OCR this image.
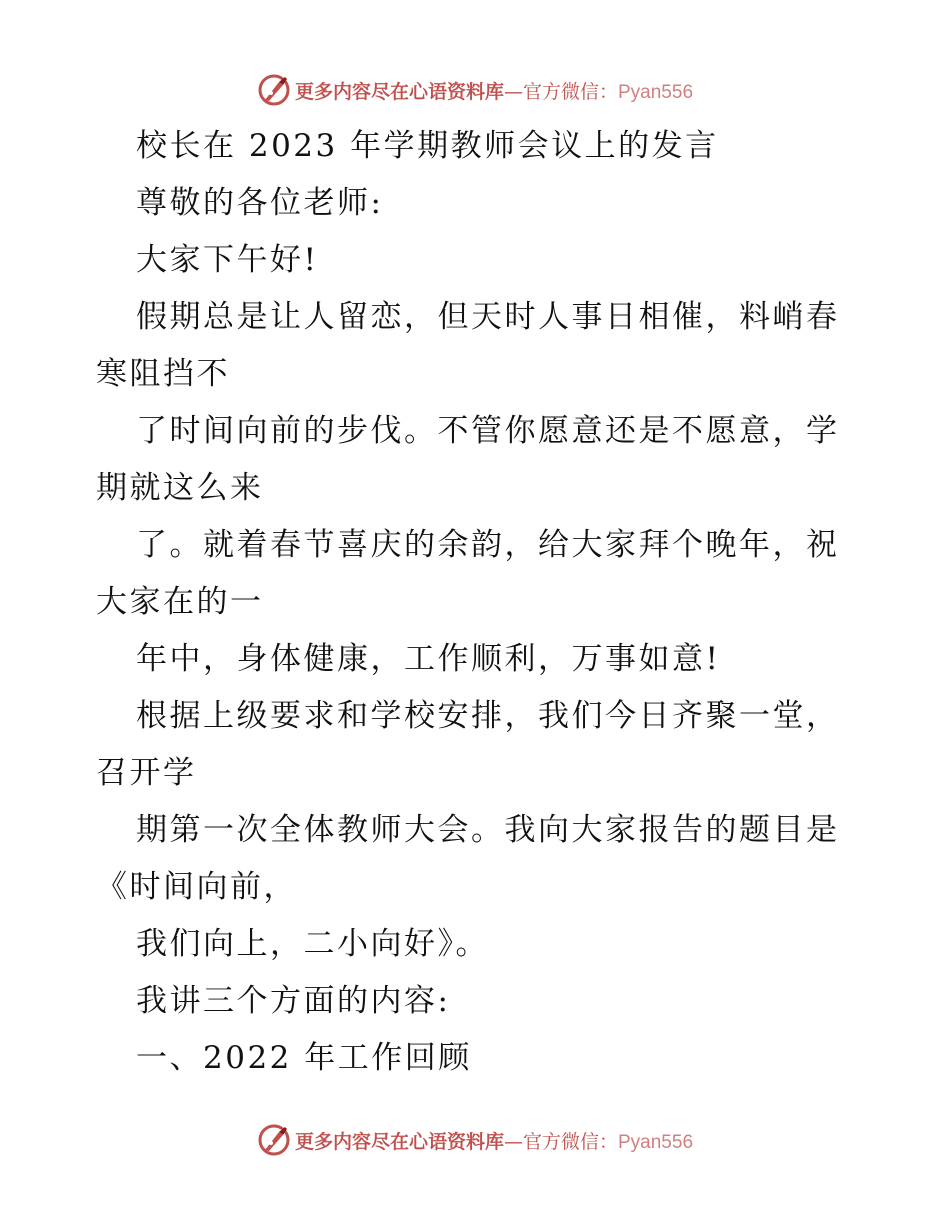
更多内容尽在心语资料库—官方微信：Pyan556
校长在 2023 年学期教师会议上的发言
尊敬的各位老师:
大家下午好!
假期总是让人留恋，但天时人事日相催，料峭春
寒阻挡不
了时间向前的步伐。不管你愿意还是不愿意，学
期就这么来
了。就着春节喜庆的余韵，给大家拜个晚年，祝
大家在的一
年中，身体健康，工作顺利，万事如意!
根据上级要求和学校安排，我们今日齐聚一堂，
召开学
期第一次全体教师大会。我向大家报告的题目是
《时间向前，
我们向上，二小向好》。
我讲三个方面的内容:
一、2022 年工作回顾
更多内容尽在心语资料库—官方微信：Pyan556
